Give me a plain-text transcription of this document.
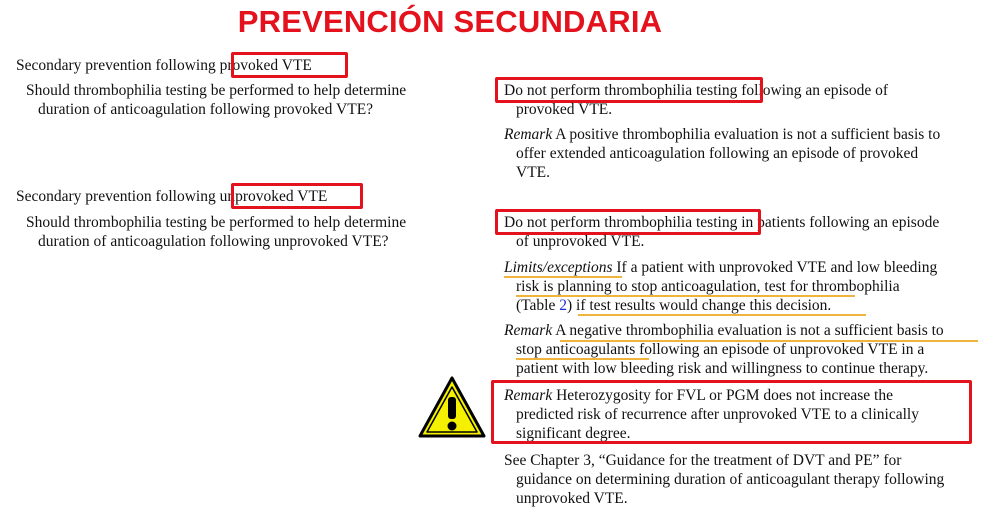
PREVENCIÓN SECUNDARIA
Secondary prevention following provoked VTE
Should thrombophilia testing be performed to help determine
duration of anticoagulation following provoked VTE?
Do not perform thrombophilia testing following an episode of
provoked VTE.
Remark A positive thrombophilia evaluation is not a sufficient basis to
offer extended anticoagulation following an episode of provoked
VTE.
Secondary prevention following unprovoked VTE
Should thrombophilia testing be performed to help determine
duration of anticoagulation following unprovoked VTE?
Do not perform thrombophilia testing in patients following an episode
of unprovoked VTE.
Limits/exceptions If a patient with unprovoked VTE and low bleeding
risk is planning to stop anticoagulation, test for thrombophilia
(Table 2) if test results would change this decision.
Remark A negative thrombophilia evaluation is not a sufficient basis to
stop anticoagulants following an episode of unprovoked VTE in a
patient with low bleeding risk and willingness to continue therapy.
Remark Heterozygosity for FVL or PGM does not increase the
predicted risk of recurrence after unprovoked VTE to a clinically
significant degree.
See Chapter 3, “Guidance for the treatment of DVT and PE” for
guidance on determining duration of anticoagulant therapy following
unprovoked VTE.
